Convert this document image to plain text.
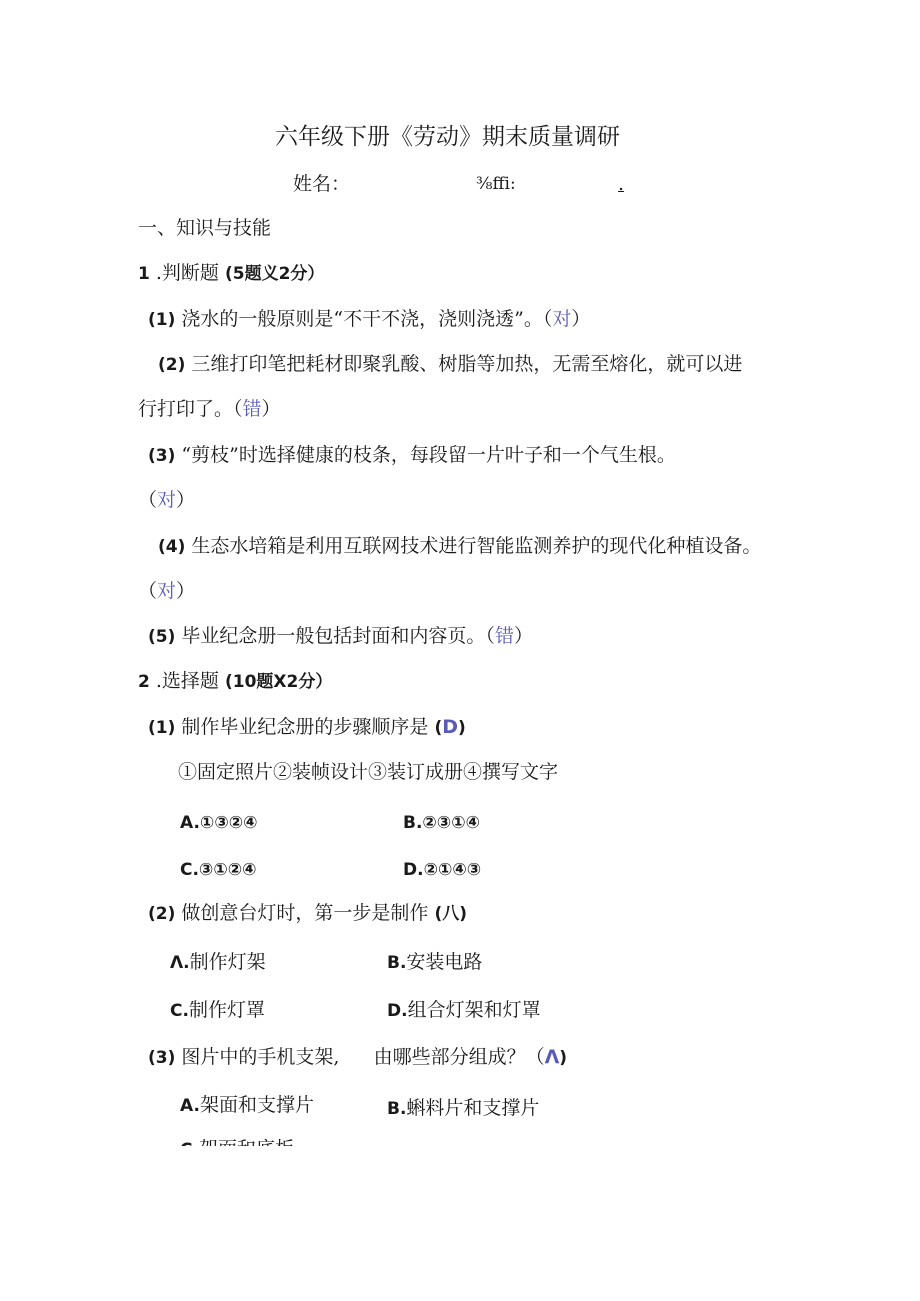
六年级下册《劳动》期末质量调研
姓名：	³⁄₈ffi:	.
一、知识与技能
1 .判断题 (5题义2分）
(1) 浇水的一般原则是“不干不浇，浇则浇透”。（对）
(2) 三维打印笔把耗材即聚乳酸、树脂等加热，无需至熔化，就可以进
行打印了。（错）
(3) “剪枝”时选择健康的枝条，每段留一片叶子和一个气生根。
（对）
(4) 生态水培箱是利用互联网技术进行智能监测养护的现代化种植设备。
（对）
(5) 毕业纪念册一般包括封面和内容页。（错）
2 .选择题 (10题X2分）
(1) 制作毕业纪念册的步骤顺序是 (D)
①固定照片②装帧设计③装订成册④撰写文字
A.①③②④	B.②③①④
C.③①②④	D.②①④③
(2) 做创意台灯时，第一步是制作 (八)
Λ.制作灯架	B.安装电路
C.制作灯罩	D.组合灯架和灯罩
(3) 图片中的手机支架, 由哪些部分组成？（Λ)
A.架面和支撑片	B.蝌料片和支撑片
